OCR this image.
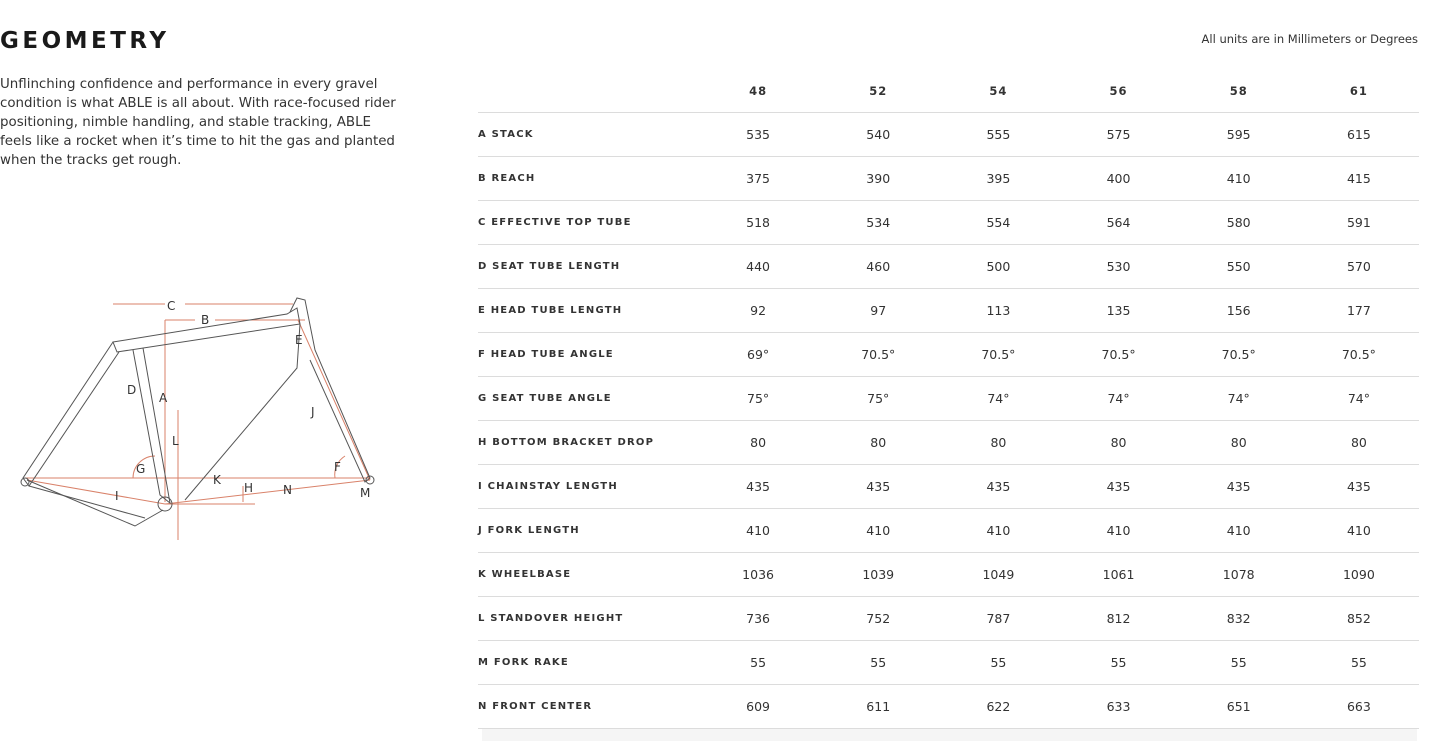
GEOMETRY	All units are in Millimeters or Degrees

Unflinching confidence and performance in every gravel condition is what ABLE is all about. With race-focused rider positioning, nimble handling, and stable tracking, ABLE feels like a rocket when it’s time to hit the gas and planted when the tracks get rough.

A
B
C
D
E
F
G
H
I
J
K
L
M
N
	48	52	54	56	58	61
A STACK	535	540	555	575	595	615
B REACH	375	390	395	400	410	415
C EFFECTIVE TOP TUBE	518	534	554	564	580	591
D SEAT TUBE LENGTH	440	460	500	530	550	570
E HEAD TUBE LENGTH	92	97	113	135	156	177
F HEAD TUBE ANGLE	69°	70.5°	70.5°	70.5°	70.5°	70.5°
G SEAT TUBE ANGLE	75°	75°	74°	74°	74°	74°
H BOTTOM BRACKET DROP	80	80	80	80	80	80
I CHAINSTAY LENGTH	435	435	435	435	435	435
J FORK LENGTH	410	410	410	410	410	410
K WHEELBASE	1036	1039	1049	1061	1078	1090
L STANDOVER HEIGHT	736	752	787	812	832	852
M FORK RAKE	55	55	55	55	55	55
N FRONT CENTER	609	611	622	633	651	663
